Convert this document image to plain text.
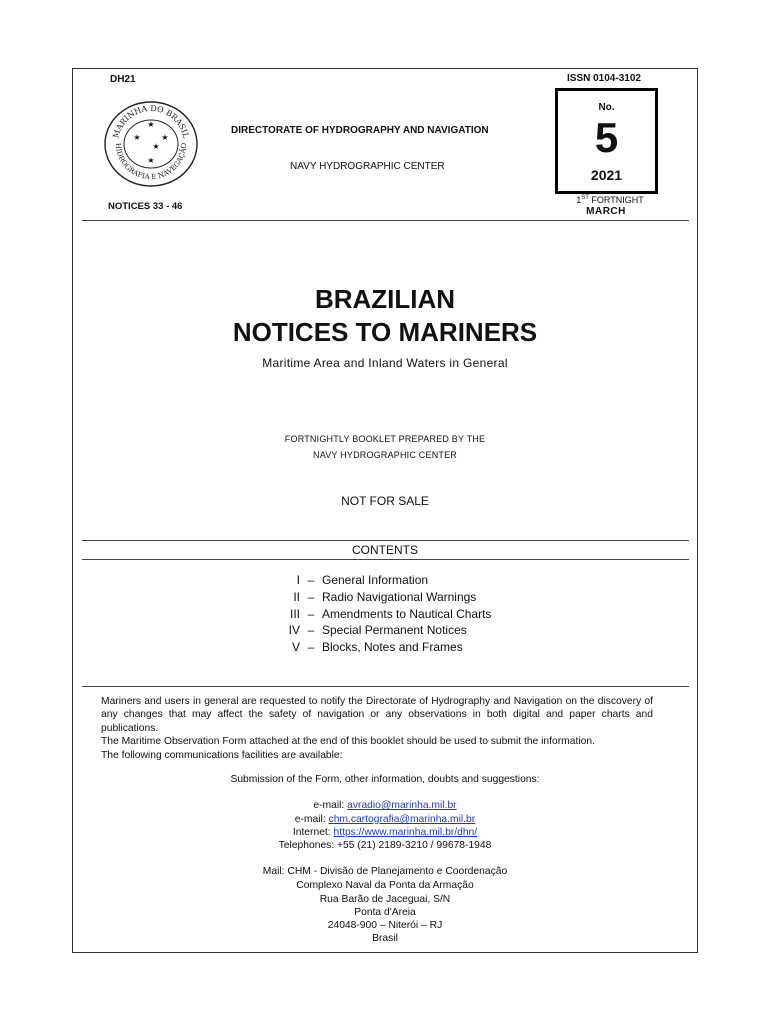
DH21	ISSN 0104-3102
MARINHA DO BRASIL
HIDROGRAFIA E NAVEGAÇÃO
★
★	★
★
★
DIRECTORATE OF HYDROGRAPHY AND NAVIGATION
NAVY HYDROGRAPHIC CENTER
NOTICES 33 - 46
No.
5
2021
1ST FORTNIGHT
MARCH
BRAZILIAN
NOTICES TO MARINERS
Maritime Area and Inland Waters in General
FORTNIGHTLY BOOKLET PREPARED BY THE
NAVY HYDROGRAPHIC CENTER
NOT FOR SALE
CONTENTS
I – General Information
II – Radio Navigational Warnings
III – Amendments to Nautical Charts
IV – Special Permanent Notices
V – Blocks, Notes and Frames

Mariners and users in general are requested to notify the Directorate of Hydrography and Navigation on the discovery of any changes that may affect the safety of navigation or any observations in both digital and paper charts and publications.

The Maritime Observation Form attached at the end of this booklet should be used to submit the information.

The following communications facilities are available:

Submission of the Form, other information, doubts and suggestions:
e-mail: avradio@marinha.mil.br
e-mail: chm.cartografia@marinha.mil.br
Internet: https://www.marinha.mil.br/dhn/
Telephones: +55 (21) 2189-3210 / 99678-1948
Mail: CHM - Divisão de Planejamento e Coordenação
Complexo Naval da Ponta da Armação
Rua Barão de Jaceguai, S/N
Ponta d'Areia
24048-900 – Niterói – RJ
Brasil
